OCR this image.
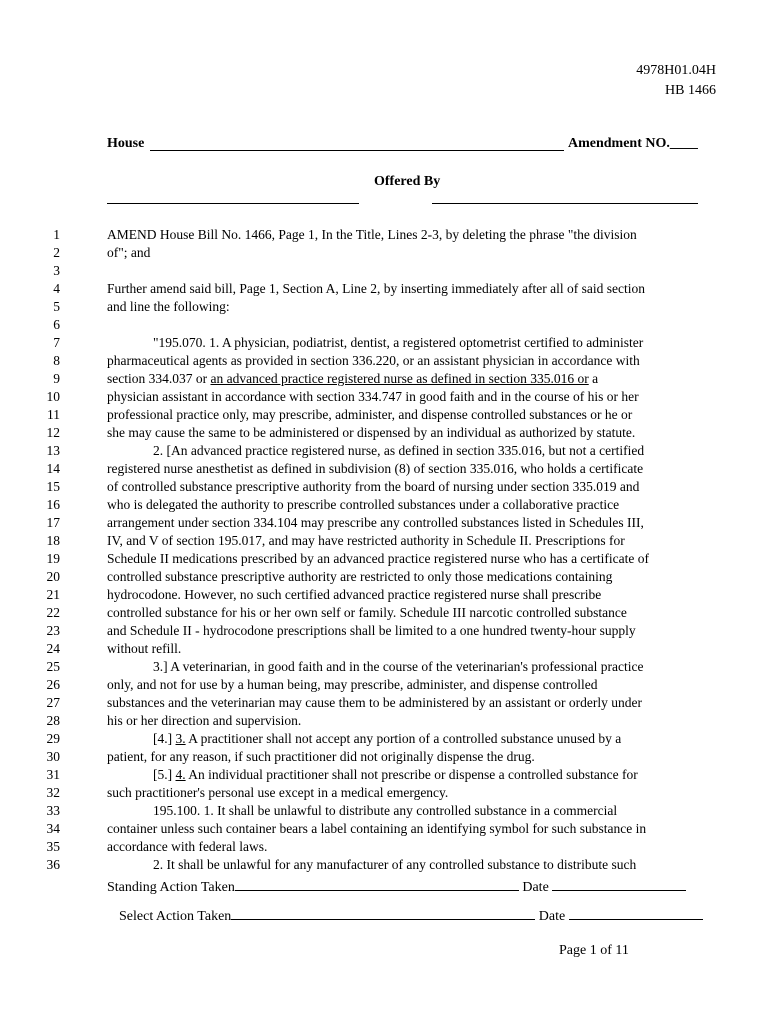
4978H01.04H
HB 1466
House	Amendment NO.____
Offered By
1	AMEND House Bill No. 1466, Page 1, In the Title, Lines 2-3, by deleting the phrase "the division
2	of"; and
3
4	Further amend said bill, Page 1, Section A, Line 2, by inserting immediately after all of said section
5	and line the following:
6
7	"195.070. 1. A physician, podiatrist, dentist, a registered optometrist certified to administer
8	pharmaceutical agents as provided in section 336.220, or an assistant physician in accordance with
9	section 334.037 or an advanced practice registered nurse as defined in section 335.016 or a
10	physician assistant in accordance with section 334.747 in good faith and in the course of his or her
11	professional practice only, may prescribe, administer, and dispense controlled substances or he or
12	she may cause the same to be administered or dispensed by an individual as authorized by statute.
13	2. [An advanced practice registered nurse, as defined in section 335.016, but not a certified
14	registered nurse anesthetist as defined in subdivision (8) of section 335.016, who holds a certificate
15	of controlled substance prescriptive authority from the board of nursing under section 335.019 and
16	who is delegated the authority to prescribe controlled substances under a collaborative practice
17	arrangement under section 334.104 may prescribe any controlled substances listed in Schedules III,
18	IV, and V of section 195.017, and may have restricted authority in Schedule II. Prescriptions for
19	Schedule II medications prescribed by an advanced practice registered nurse who has a certificate of
20	controlled substance prescriptive authority are restricted to only those medications containing
21	hydrocodone. However, no such certified advanced practice registered nurse shall prescribe
22	controlled substance for his or her own self or family. Schedule III narcotic controlled substance
23	and Schedule II - hydrocodone prescriptions shall be limited to a one hundred twenty-hour supply
24	without refill.
25	3.] A veterinarian, in good faith and in the course of the veterinarian's professional practice
26	only, and not for use by a human being, may prescribe, administer, and dispense controlled
27	substances and the veterinarian may cause them to be administered by an assistant or orderly under
28	his or her direction and supervision.
29	[4.] 3. A practitioner shall not accept any portion of a controlled substance unused by a
30	patient, for any reason, if such practitioner did not originally dispense the drug.
31	[5.] 4. An individual practitioner shall not prescribe or dispense a controlled substance for
32	such practitioner's personal use except in a medical emergency.
33	195.100. 1. It shall be unlawful to distribute any controlled substance in a commercial
34	container unless such container bears a label containing an identifying symbol for such substance in
35	accordance with federal laws.
36	2. It shall be unlawful for any manufacturer of any controlled substance to distribute such
Standing Action Taken	Date
Select Action Taken	Date
Page 1 of 11
